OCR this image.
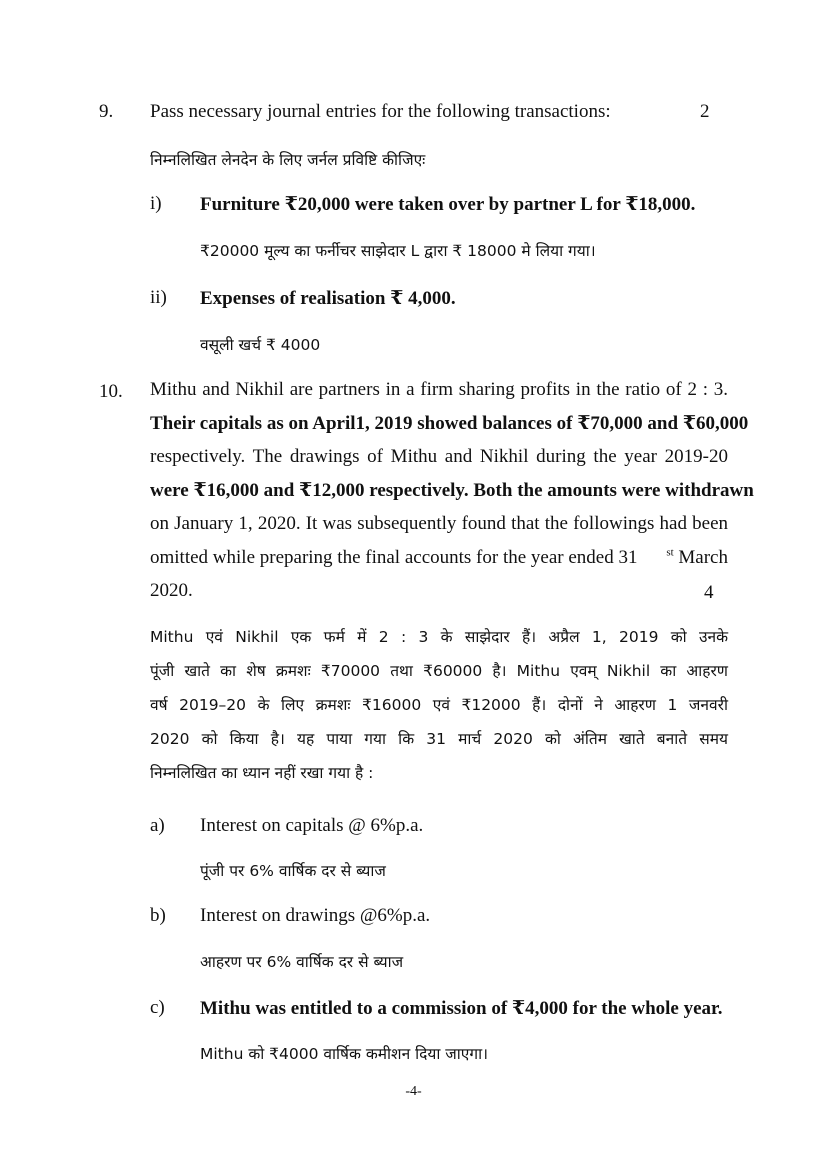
9. Pass necessary journal entries for the following transactions:	2
निम्नलिखित लेनदेन के लिए जर्नल प्रविष्टि कीजिएः
i) Furniture ₹20,000 were taken over by partner L for ₹18,000.
₹20000 मूल्य का फर्नीचर साझेदार L द्वारा ₹ 18000 मे लिया गया।
ii) Expenses of realisation ₹ 4,000.
वसूली खर्च ₹ 4000
10. Mithu and Nikhil are partners in a firm sharing profits in the ratio of 2 : 3.
Their capitals as on April1, 2019 showed balances of ₹70,000 and ₹60,000
respectively. The drawings of Mithu and Nikhil during the year 2019-20
were ₹16,000 and ₹12,000 respectively. Both the amounts were withdrawn
on January 1, 2020. It was subsequently found that the followings had been
omitted while preparing the final accounts for the year ended 31	$^{st}$ March
2020.	4
Mithu एवं Nikhil एक फर्म में 2 : 3 के साझेदार हैं। अप्रैल 1, 2019 को उनके
पूंजी खाते का शेष क्रमशः ₹70000 तथा ₹60000 है। Mithu एवम् Nikhil का आहरण
वर्ष 2019–20 के लिए क्रमशः ₹16000 एवं ₹12000 हैं। दोनों ने आहरण 1 जनवरी
2020 को किया है। यह पाया गया कि 31 मार्च 2020 को अंतिम खाते बनाते समय
निम्नलिखित का ध्यान नहीं रखा गया है :
a) Interest on capitals @ 6%p.a.
पूंजी पर 6% वार्षिक दर से ब्याज
b) Interest on drawings @6%p.a.
आहरण पर 6% वार्षिक दर से ब्याज
c) Mithu was entitled to a commission of ₹4,000 for the whole year.
Mithu को ₹4000 वार्षिक कमीशन दिया जाएगा।
-4-
